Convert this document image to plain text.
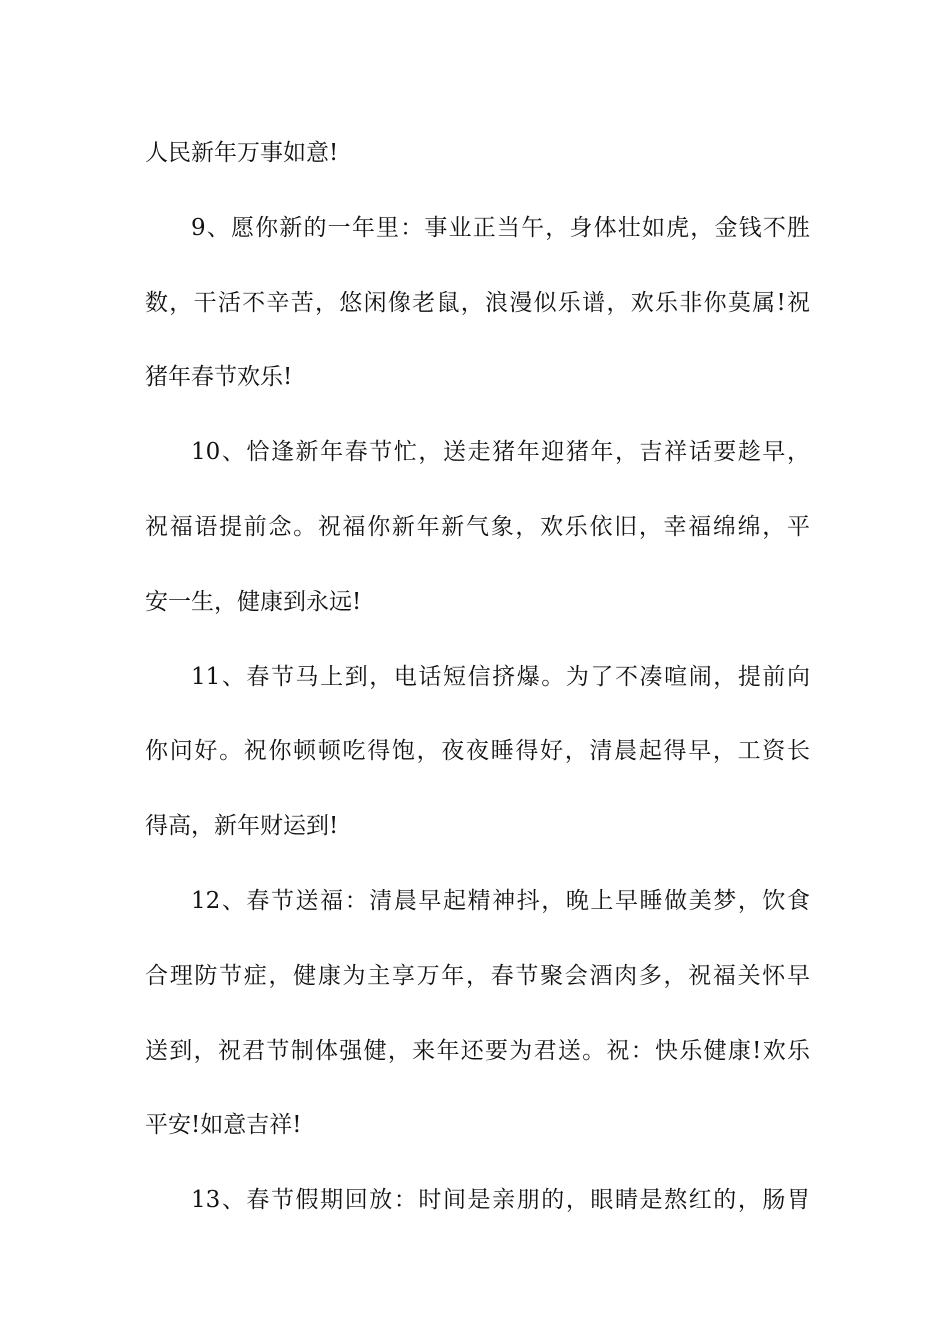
人民新年万事如意!
9、愿你新的一年里：事业正当午，身体壮如虎，金钱不胜
数，干活不辛苦，悠闲像老鼠，浪漫似乐谱，欢乐非你莫属!祝
猪年春节欢乐!
10、恰逢新年春节忙，送走猪年迎猪年，吉祥话要趁早，
祝福语提前念。祝福你新年新气象，欢乐依旧，幸福绵绵，平
安一生，健康到永远!
11、春节马上到，电话短信挤爆。为了不凑喧闹，提前向
你问好。祝你顿顿吃得饱，夜夜睡得好，清晨起得早，工资长
得高，新年财运到!
12、春节送福：清晨早起精神抖，晚上早睡做美梦，饮食
合理防节症，健康为主享万年，春节聚会酒肉多，祝福关怀早
送到，祝君节制体强健，来年还要为君送。祝：快乐健康!欢乐
平安!如意吉祥!
13、春节假期回放：时间是亲朋的，眼睛是熬红的，肠胃
